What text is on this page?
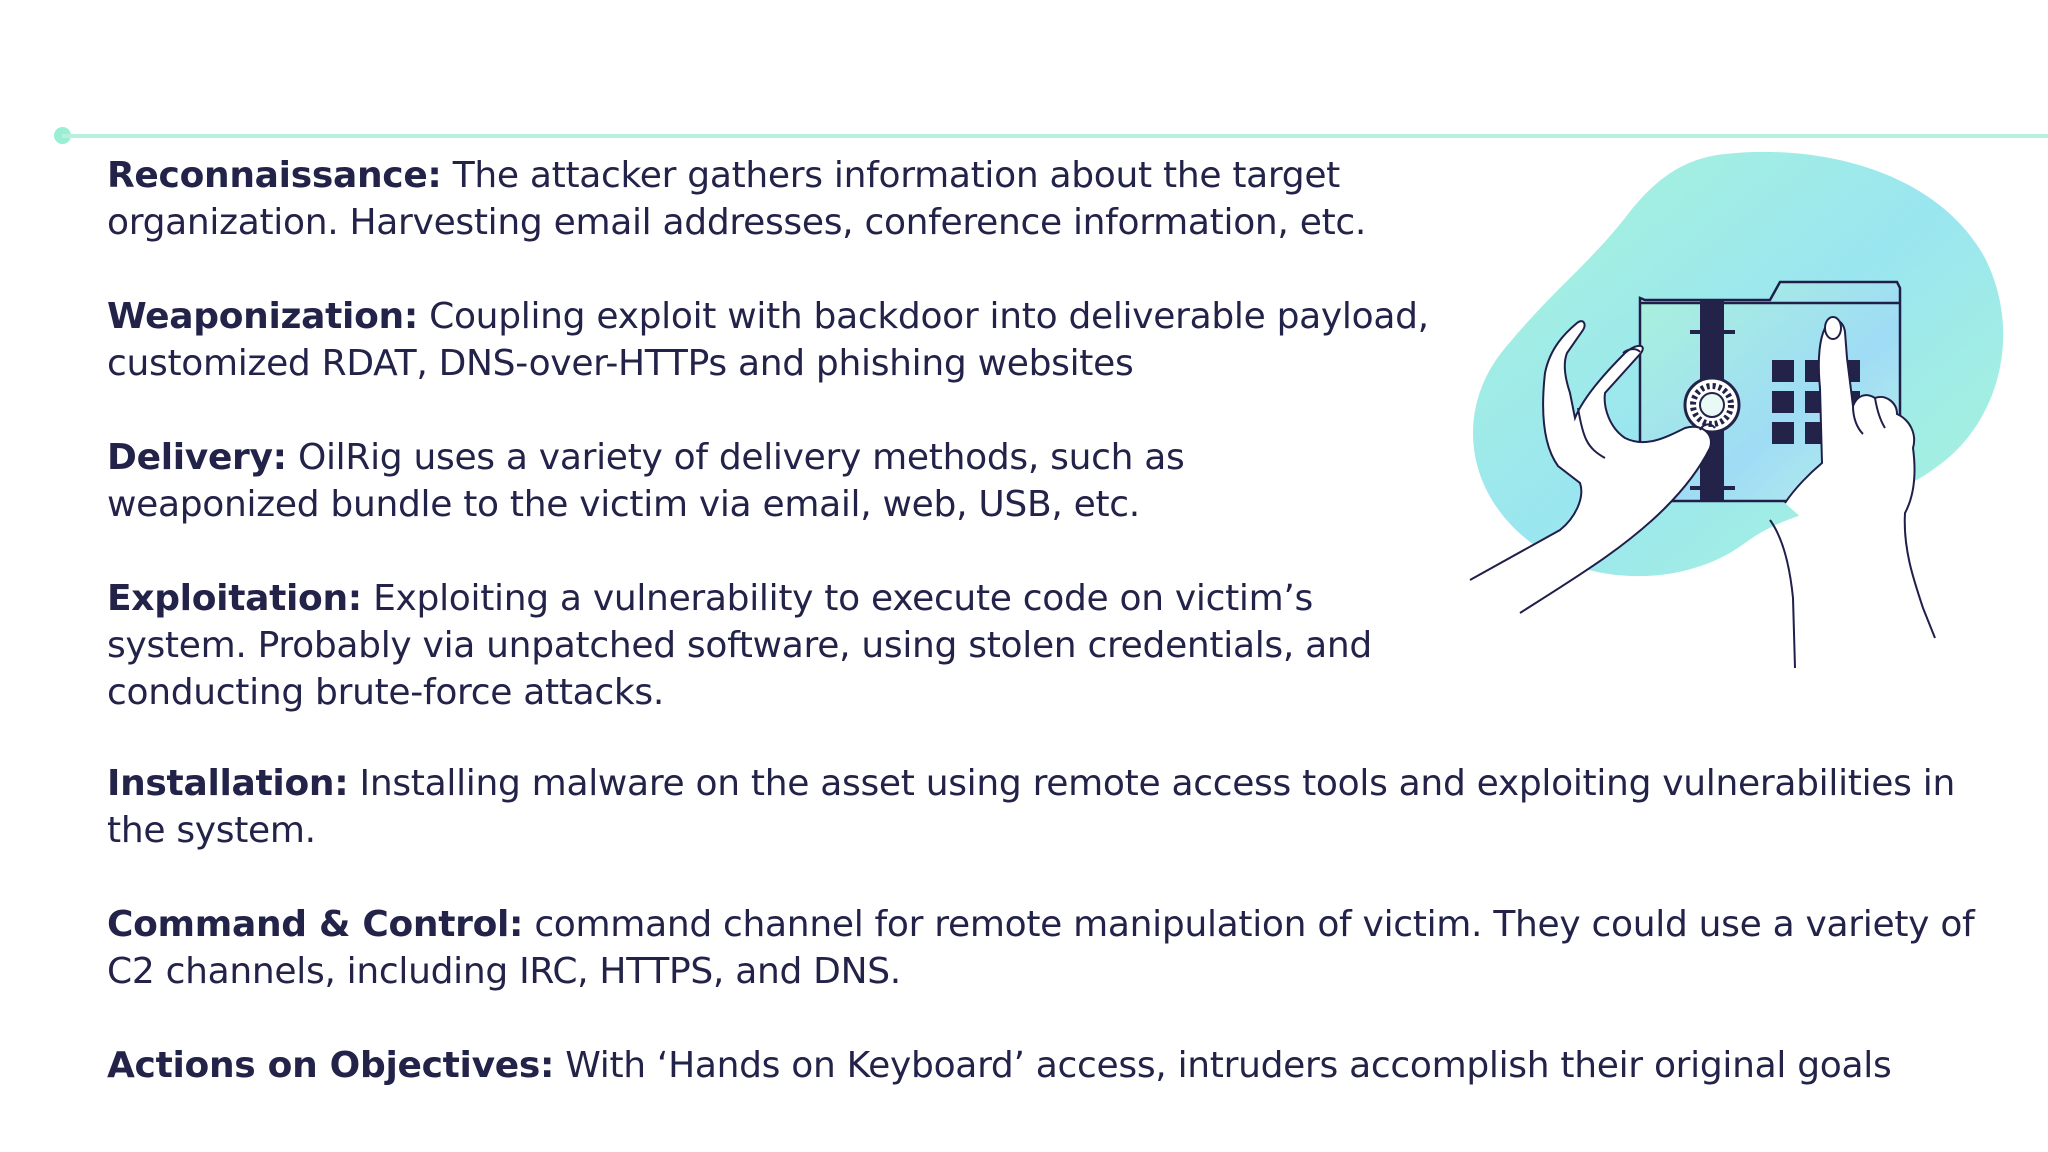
Reconnaissance: The attacker gathers information about the target organization. Harvesting email addresses, conference information, etc.

Weaponization: Coupling exploit with backdoor into deliverable payload, customized RDAT, DNS-over-HTTPs and phishing websites

Delivery: OilRig uses a variety of delivery methods, such as weaponized bundle to the victim via email, web, USB, etc.

Exploitation: Exploiting a vulnerability to execute code on victim’s system. Probably via unpatched software, using stolen credentials, and conducting brute-force attacks.

Installation: Installing malware on the asset using remote access tools and exploiting vulnerabilities in the system.

Command & Control: command channel for remote manipulation of victim. They could use a variety of C2 channels, including IRC, HTTPS, and DNS.

Actions on Objectives: With ‘Hands on Keyboard’ access, intruders accomplish their original goals
